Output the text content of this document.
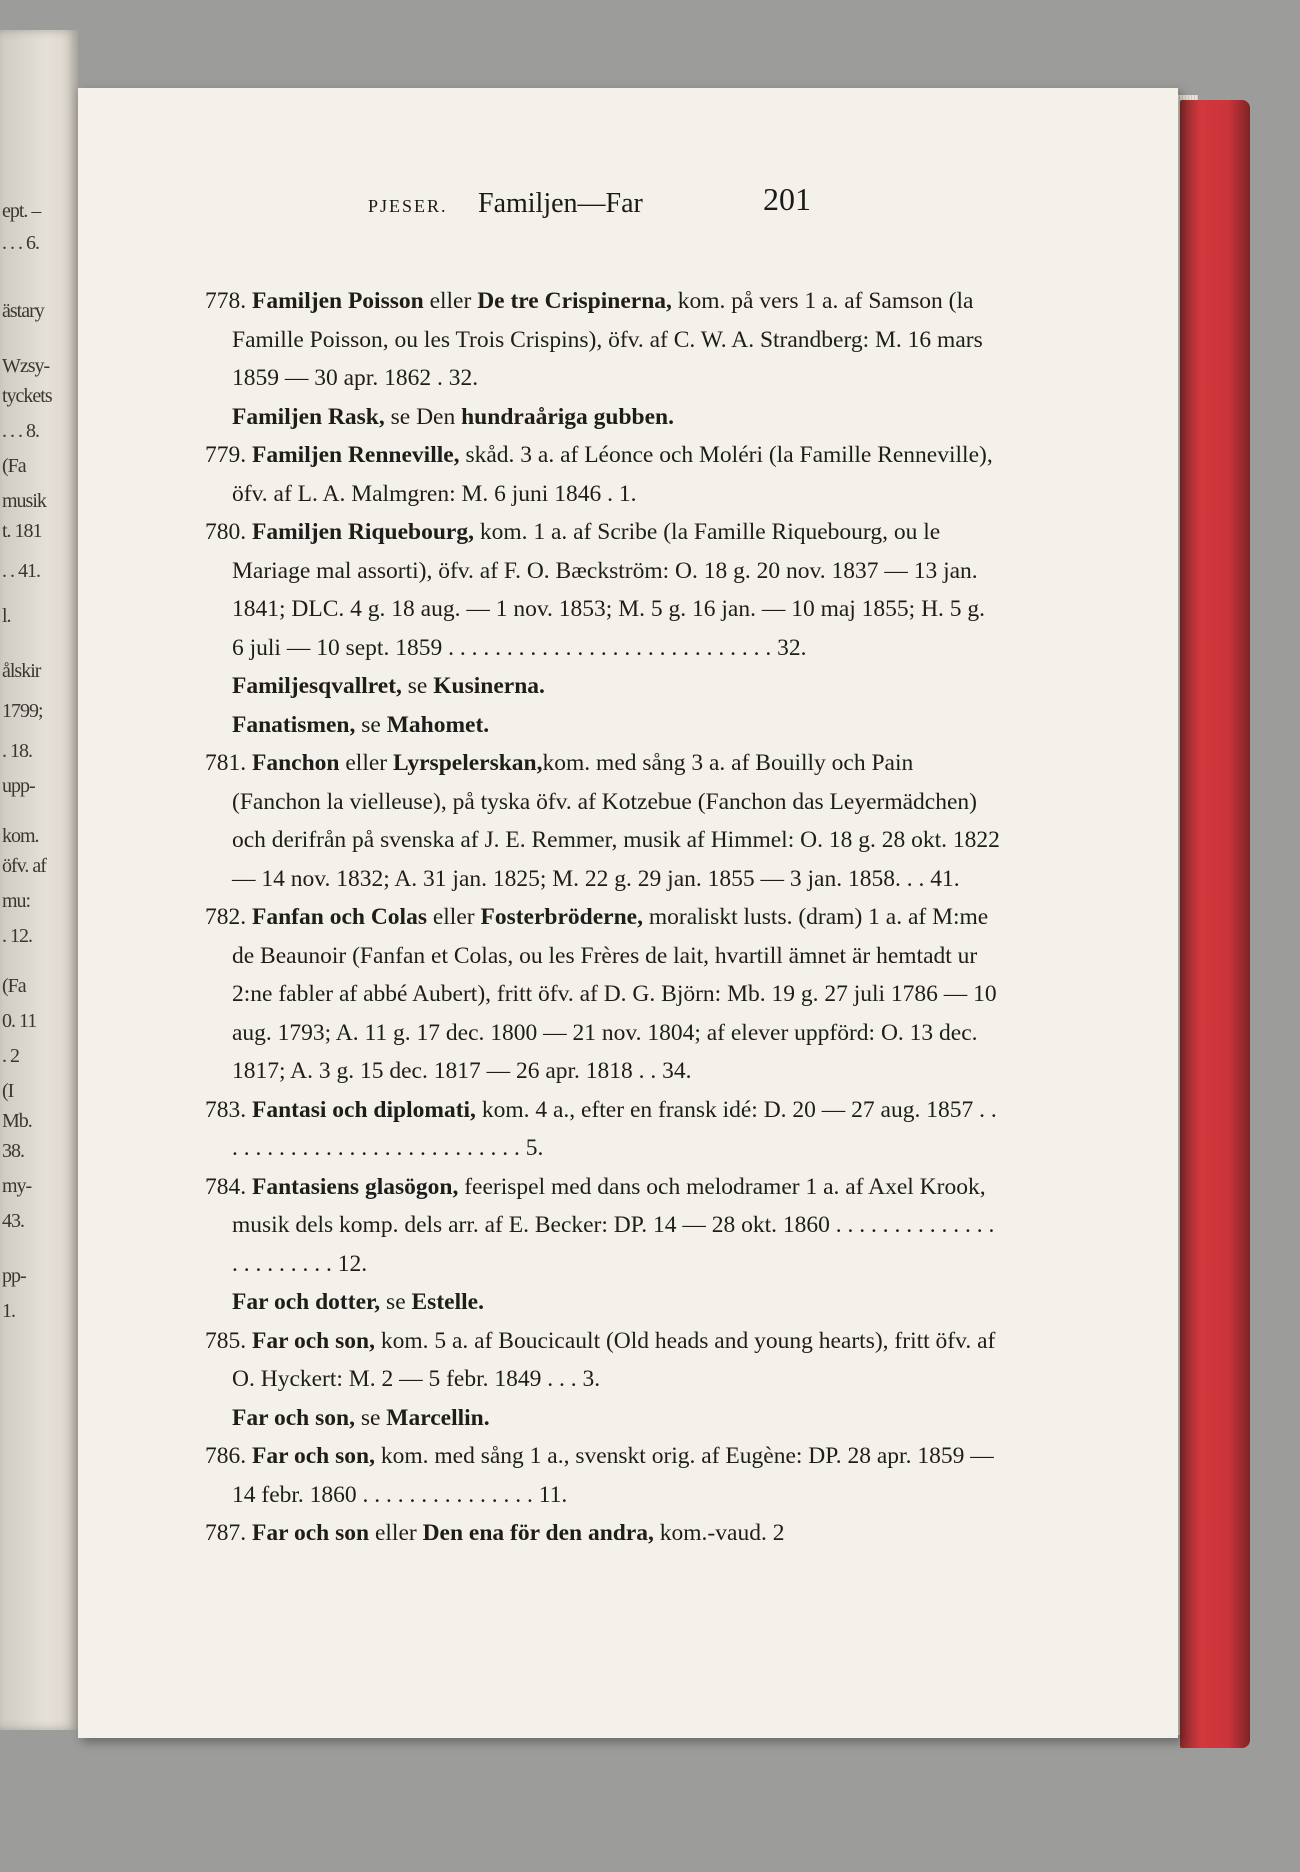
ept. –
. . . 6.
ästary
Wzsy-
tyckets
. . . 8.
(Fa
musik
t. 181
. . 41.
l.
ålskir
1799;
. 18.
upp-
kom.
öfv. af
mu:
. 12.
(Fa
0. 11
. 2
(I
Mb.
38.
my-
43.
pp-
1.
PJESER. Familjen—Far	201

778. Familjen Poisson eller De tre Crispinerna, kom. på vers 1 a. af Samson (la Famille Poisson, ou les Trois Crispins), öfv. af C. W. A. Strandberg: M. 16 mars 1859 — 30 apr. 1862 . 32.

Familjen Rask, se Den hundraåriga gubben.

779. Familjen Renneville, skåd. 3 a. af Léonce och Moléri (la Famille Renneville), öfv. af L. A. Malmgren: M. 6 juni 1846 . 1.

780. Familjen Riquebourg, kom. 1 a. af Scribe (la Famille Riquebourg, ou le Mariage mal assorti), öfv. af F. O. Bæckström: O. 18 g. 20 nov. 1837 — 13 jan. 1841; DLC. 4 g. 18 aug. — 1 nov. 1853; M. 5 g. 16 jan. — 10 maj 1855; H. 5 g. 6 juli — 10 sept. 1859 . . . . . . . . . . . . . . . . . . . . . . . . . . . . 32.

Familjesqvallret, se Kusinerna.

Fanatismen, se Mahomet.

781. Fanchon eller Lyrspelerskan,kom. med sång 3 a. af Bouilly och Pain (Fanchon la vielleuse), på tyska öfv. af Kotzebue (Fanchon das Leyermädchen) och derifrån på svenska af J. E. Remmer, musik af Himmel: O. 18 g. 28 okt. 1822 — 14 nov. 1832; A. 31 jan. 1825; M. 22 g. 29 jan. 1855 — 3 jan. 1858. . . 41.

782. Fanfan och Colas eller Fosterbröderne, moraliskt lusts. (dram) 1 a. af M:me de Beaunoir (Fanfan et Colas, ou les Frères de lait, hvartill ämnet är hemtadt ur 2:ne fabler af abbé Aubert), fritt öfv. af D. G. Björn: Mb. 19 g. 27 juli 1786 — 10 aug. 1793; A. 11 g. 17 dec. 1800 — 21 nov. 1804; af elever uppförd: O. 13 dec. 1817; A. 3 g. 15 dec. 1817 — 26 apr. 1818 . . 34.

783. Fantasi och diplomati, kom. 4 a., efter en fransk idé: D. 20 — 27 aug. 1857 . . . . . . . . . . . . . . . . . . . . . . . . . . . 5.

784. Fantasiens glasögon, feerispel med dans och melodramer 1 a. af Axel Krook, musik dels komp. dels arr. af E. Becker: DP. 14 — 28 okt. 1860 . . . . . . . . . . . . . . . . . . . . . . . 12.

Far och dotter, se Estelle.

785. Far och son, kom. 5 a. af Boucicault (Old heads and young hearts), fritt öfv. af O. Hyckert: M. 2 — 5 febr. 1849 . . . 3.

Far och son, se Marcellin.

786. Far och son, kom. med sång 1 a., svenskt orig. af Eugène: DP. 28 apr. 1859 — 14 febr. 1860 . . . . . . . . . . . . . . . 11.

787. Far och son eller Den ena för den andra, kom.-vaud. 2
